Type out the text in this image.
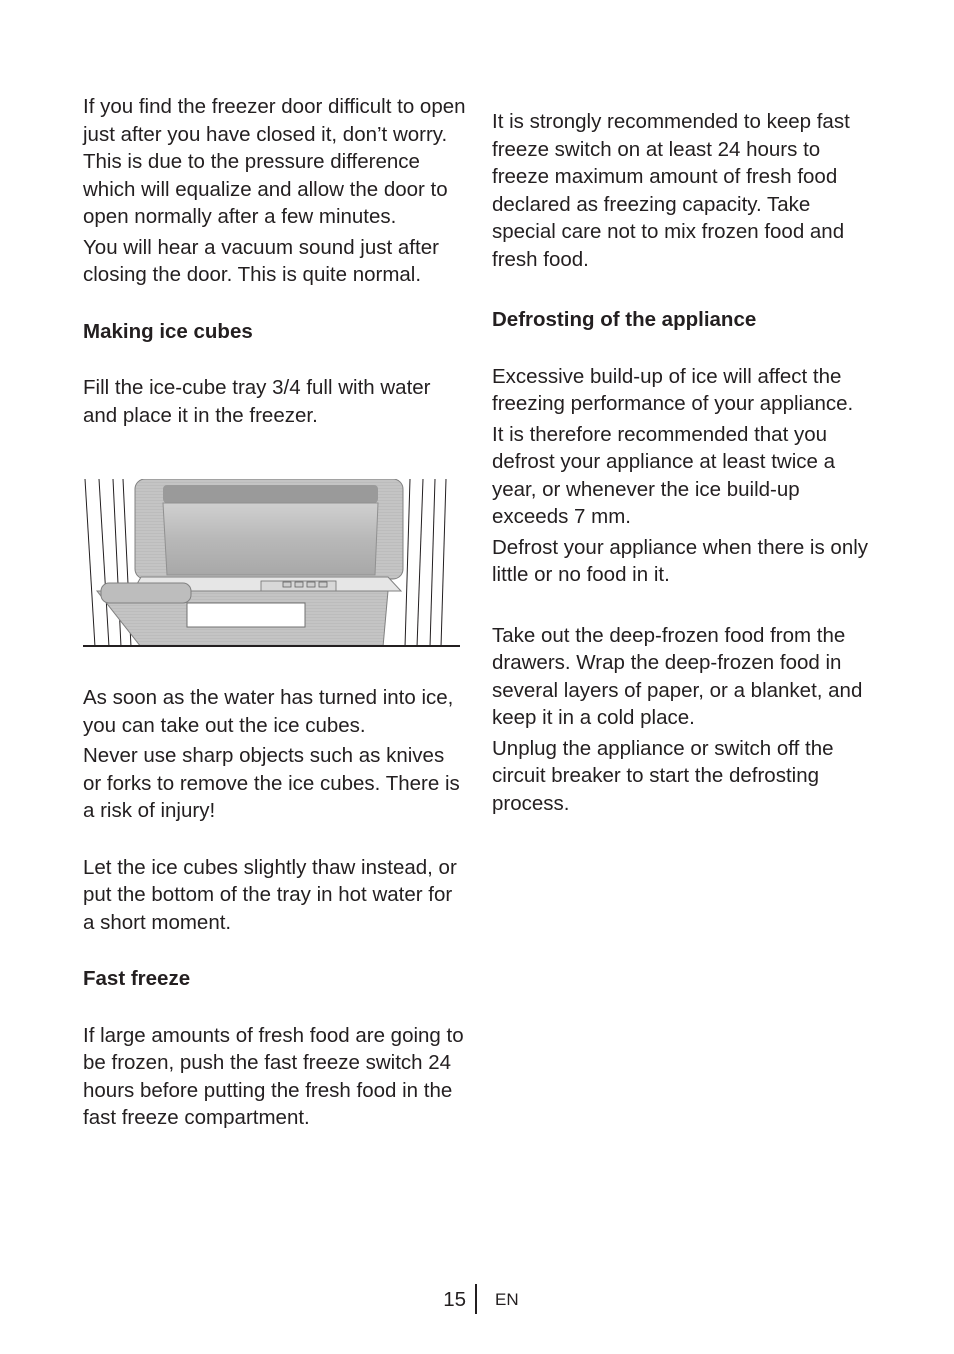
If you find the freezer door difficult to open just after you have closed it, don’t worry. This is due to the pressure difference which will equalize and allow the door to open normally after a few minutes.

You will hear a vacuum sound just after closing the door. This is quite normal.

Making ice cubes

Fill the ice-cube tray 3/4 full with water and place it in the freezer.

As soon as the water has turned into ice, you can take out the ice cubes.

Never use sharp objects such as knives or forks to remove the ice cubes. There is a risk of injury!

Let the ice cubes slightly thaw instead, or put the bottom of the tray in hot water for a short moment.

Fast freeze

If large amounts of fresh food are going to be frozen, push the fast freeze switch 24 hours before putting the fresh food in the fast freeze compartment.

It is strongly recommended to keep fast freeze switch on at least 24 hours to freeze maximum amount of fresh food declared as freezing capacity. Take special care not to mix frozen food and fresh food.

Defrosting of the appliance

Excessive build-up of ice will affect the freezing performance of your appliance.

It is therefore recommended that you defrost your appliance at least twice a year, or whenever the ice build-up exceeds 7 mm.

Defrost your appliance when there is only little or no food in it.

Take out the deep-frozen food from the drawers. Wrap the deep-frozen food in several layers of paper, or a blanket, and keep it in a cold place.

Unplug the appliance or switch off the circuit breaker to start the defrosting process.

15 EN
